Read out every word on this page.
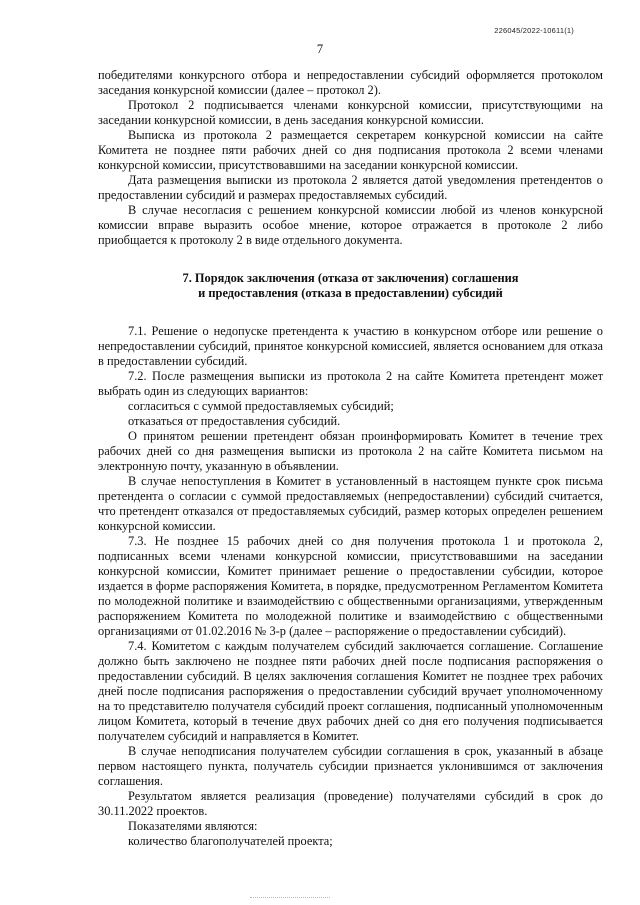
226045/2022-10611(1)
7

победителями конкурсного отбора и непредоставлении субсидий оформляется протоколом заседания конкурсной комиссии (далее – протокол 2).

Протокол 2 подписывается членами конкурсной комиссии, присутствующими на заседании конкурсной комиссии, в день заседания конкурсной комиссии.

Выписка из протокола 2 размещается секретарем конкурсной комиссии на сайте Комитета не позднее пяти рабочих дней со дня подписания протокола 2 всеми членами конкурсной комиссии, присутствовавшими на заседании конкурсной комиссии.

Дата размещения выписки из протокола 2 является датой уведомления претендентов о предоставлении субсидий и размерах предоставляемых субсидий.

В случае несогласия с решением конкурсной комиссии любой из членов конкурсной комиссии вправе выразить особое мнение, которое отражается в протоколе 2 либо приобщается к протоколу 2 в виде отдельного документа.

7. Порядок заключения (отказа от заключения) соглашения
и предоставления (отказа в предоставлении) субсидий

7.1. Решение о недопуске претендента к участию в конкурсном отборе или решение о непредоставлении субсидий, принятое конкурсной комиссией, является основанием для отказа в предоставлении субсидий.

7.2. После размещения выписки из протокола 2 на сайте Комитета претендент может выбрать один из следующих вариантов:

согласиться с суммой предоставляемых субсидий;

отказаться от предоставления субсидий.

О принятом решении претендент обязан проинформировать Комитет в течение трех рабочих дней со дня размещения выписки из протокола 2 на сайте Комитета письмом на электронную почту, указанную в объявлении.

В случае непоступления в Комитет в установленный в настоящем пункте срок письма претендента о согласии с суммой предоставляемых (непредоставлении) субсидий считается, что претендент отказался от предоставляемых субсидий, размер которых определен решением конкурсной комиссии.

7.3. Не позднее 15 рабочих дней со дня получения протокола 1 и протокола 2, подписанных всеми членами конкурсной комиссии, присутствовавшими на заседании конкурсной комиссии, Комитет принимает решение о предоставлении субсидии, которое издается в форме распоряжения Комитета, в порядке, предусмотренном Регламентом Комитета по молодежной политике и взаимодействию с общественными организациями, утвержденным распоряжением Комитета по молодежной политике и взаимодействию с общественными организациями от 01.02.2016 № 3-р (далее – распоряжение о предоставлении субсидий).

7.4. Комитетом с каждым получателем субсидий заключается соглашение. Соглашение должно быть заключено не позднее пяти рабочих дней после подписания распоряжения о предоставлении субсидий. В целях заключения соглашения Комитет не позднее трех рабочих дней после подписания распоряжения о предоставлении субсидий вручает уполномоченному на то представителю получателя субсидий проект соглашения, подписанный уполномоченным лицом Комитета, который в течение двух рабочих дней со дня его получения подписывается получателем субсидий и направляется в Комитет.

В случае неподписания получателем субсидии соглашения в срок, указанный в абзаце первом настоящего пункта, получатель субсидии признается уклонившимся от заключения соглашения.

Результатом является реализация (проведение) получателями субсидий в срок до 30.11.2022 проектов.

Показателями являются:

количество благополучателей проекта;
